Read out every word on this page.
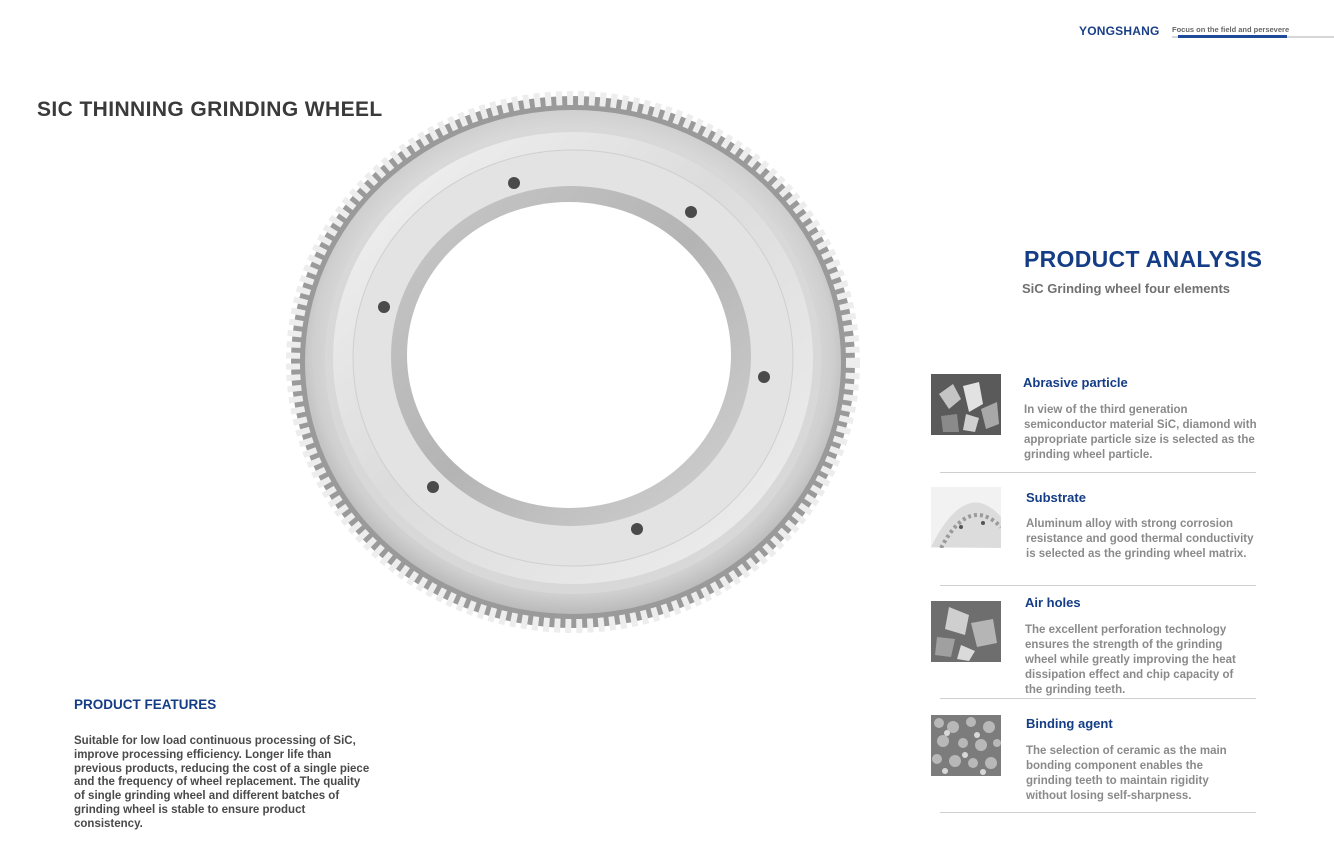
YONGSHANG Focus on the field and persevere
SIC THINNING GRINDING WHEEL
PRODUCT ANALYSIS
SiC Grinding wheel four elements
Abrasive particle
In view of the third generation semiconductor material SiC, diamond with appropriate particle size is selected as the grinding wheel particle.
Substrate
Aluminum alloy with strong corrosion resistance and good thermal conductivity is selected as the grinding wheel matrix.
Air holes
The excellent perforation technology ensures the strength of the grinding wheel while greatly improving the heat dissipation effect and chip capacity of the grinding teeth.
Binding agent
The selection of ceramic as the main bonding component enables the grinding teeth to maintain rigidity without losing self-sharpness.
PRODUCT FEATURES
Suitable for low load continuous processing of SiC, improve processing efficiency. Longer life than previous products, reducing the cost of a single piece and the frequency of wheel replacement. The quality of single grinding wheel and different batches of grinding wheel is stable to ensure product consistency.
